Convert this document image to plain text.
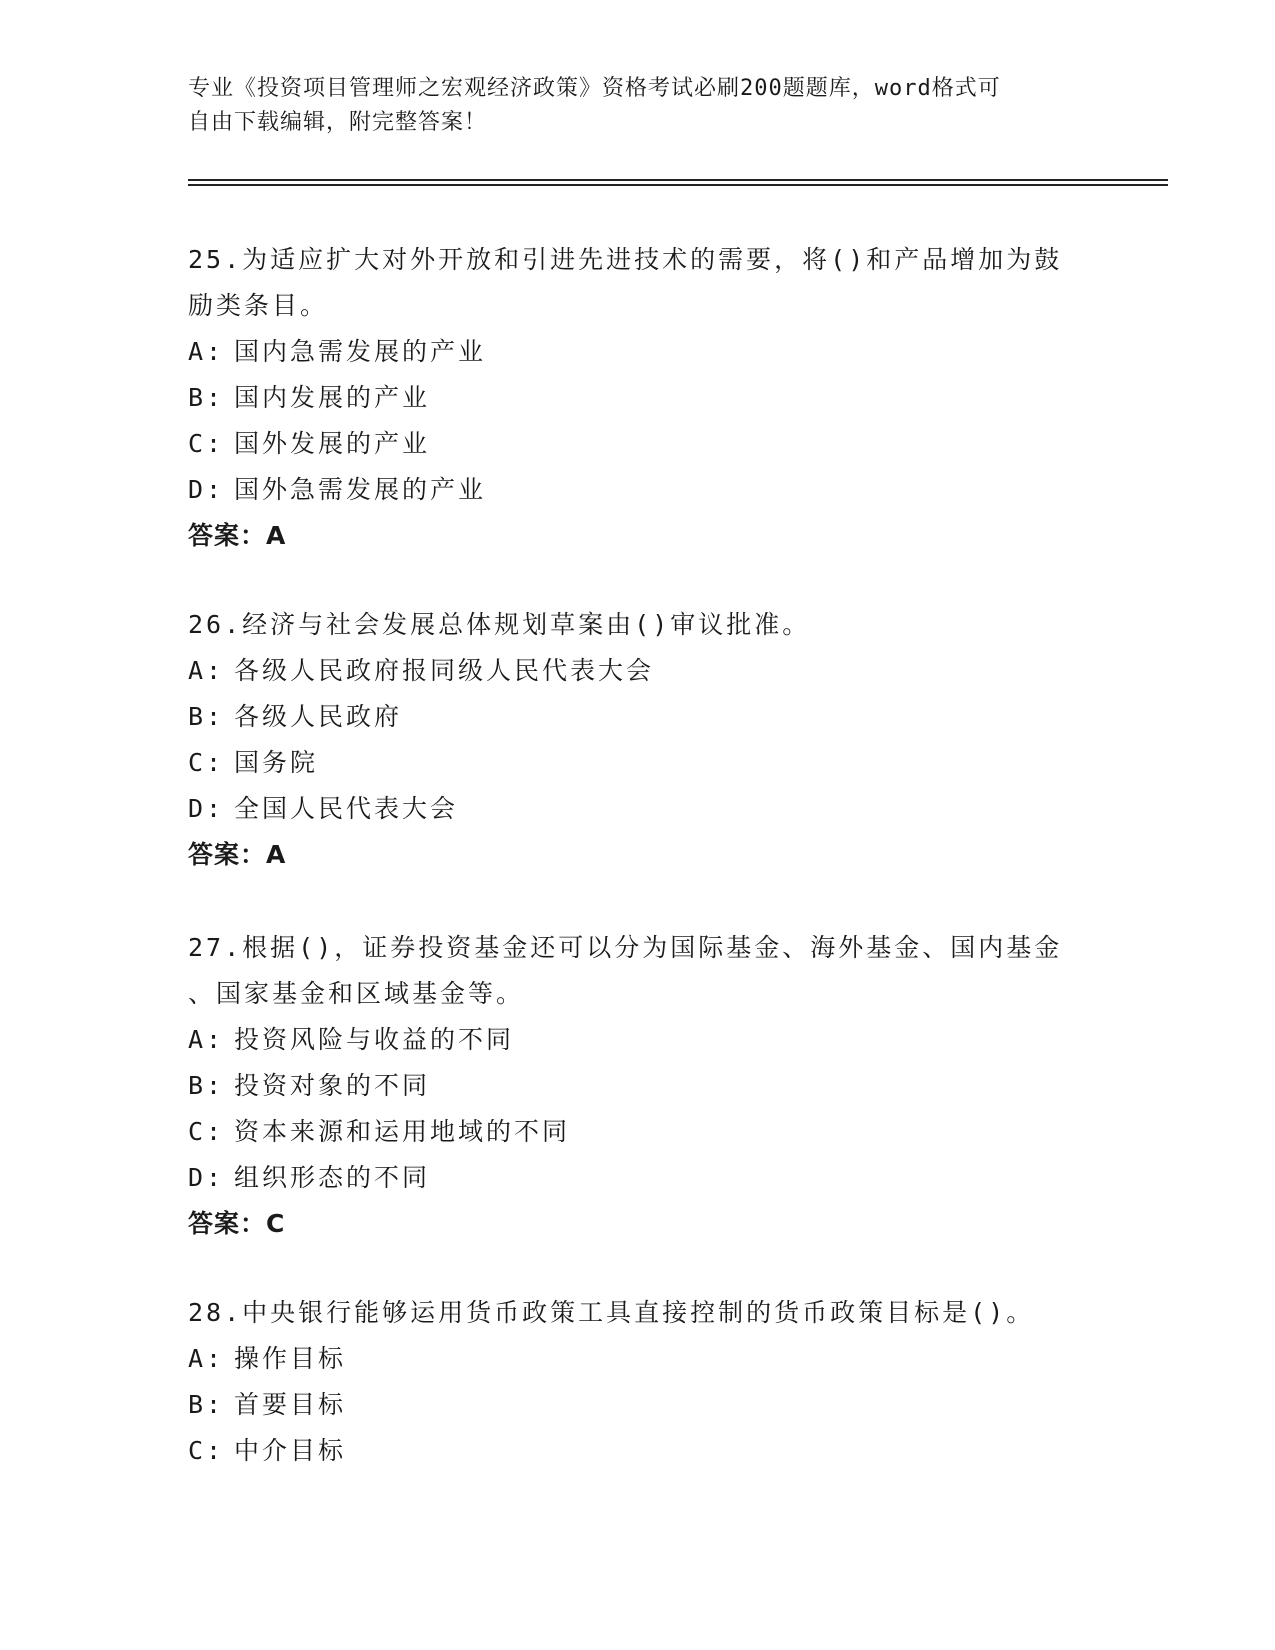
专业《投资项目管理师之宏观经济政策》资格考试必刷200题题库，word格式可
自由下载编辑，附完整答案！

25.为适应扩大对外开放和引进先进技术的需要，将()和产品增加为鼓

励类条目。

A: 国内急需发展的产业

B: 国内发展的产业

C: 国外发展的产业

D: 国外急需发展的产业

答案：A

26.经济与社会发展总体规划草案由()审议批准。

A: 各级人民政府报同级人民代表大会

B: 各级人民政府

C: 国务院

D: 全国人民代表大会

答案：A

27.根据()，证券投资基金还可以分为国际基金、海外基金、国内基金

、国家基金和区域基金等。

A: 投资风险与收益的不同

B: 投资对象的不同

C: 资本来源和运用地域的不同

D: 组织形态的不同

答案：C

28.中央银行能够运用货币政策工具直接控制的货币政策目标是()。

A: 操作目标

B: 首要目标

C: 中介目标
